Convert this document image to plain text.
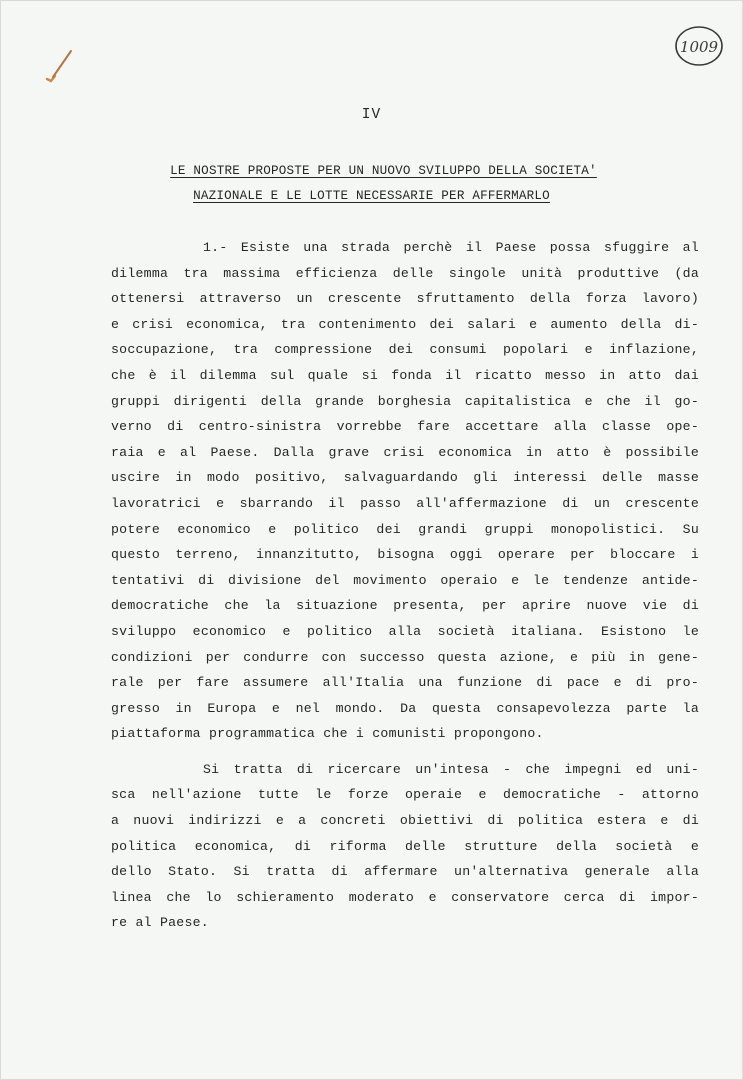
1009
IV
LE NOSTRE PROPOSTE PER UN NUOVO SVILUPPO DELLA SOCIETA'
NAZIONALE E LE LOTTE NECESSARIE PER AFFERMARLO
1.- Esiste una strada perchè il Paese possa sfuggire al
dilemma tra massima efficienza delle singole unità produttive (da
ottenersi attraverso un crescente sfruttamento della forza lavoro)
e crisi economica, tra contenimento dei salari e aumento della di-
soccupazione, tra compressione dei consumi popolari e inflazione,
che è il dilemma sul quale si fonda il ricatto messo in atto dai
gruppi dirigenti della grande borghesia capitalistica e che il go-
verno di centro-sinistra vorrebbe fare accettare alla classe ope-
raia e al Paese. Dalla grave crisi economica in atto è possibile
uscire in modo positivo, salvaguardando gli interessi delle masse
lavoratrici e sbarrando il passo all'affermazione di un crescente
potere economico e politico dei grandi gruppi monopolistici. Su
questo terreno, innanzitutto, bisogna oggi operare per bloccare i
tentativi di divisione del movimento operaio e le tendenze antide-
democratiche che la situazione presenta, per aprire nuove vie di
sviluppo economico e politico alla società italiana. Esistono le
condizioni per condurre con successo questa azione, e più in gene-
rale per fare assumere all'Italia una funzione di pace e di pro-
gresso in Europa e nel mondo. Da questa consapevolezza parte la
piattaforma programmatica che i comunisti propongono.
Si tratta di ricercare un'intesa - che impegni ed uni-
sca nell'azione tutte le forze operaie e democratiche - attorno
a nuovi indirizzi e a concreti obiettivi di politica estera e di
politica economica, di riforma delle strutture della società e
dello Stato. Si tratta di affermare un'alternativa generale alla
linea che lo schieramento moderato e conservatore cerca di impor-
re al Paese.
